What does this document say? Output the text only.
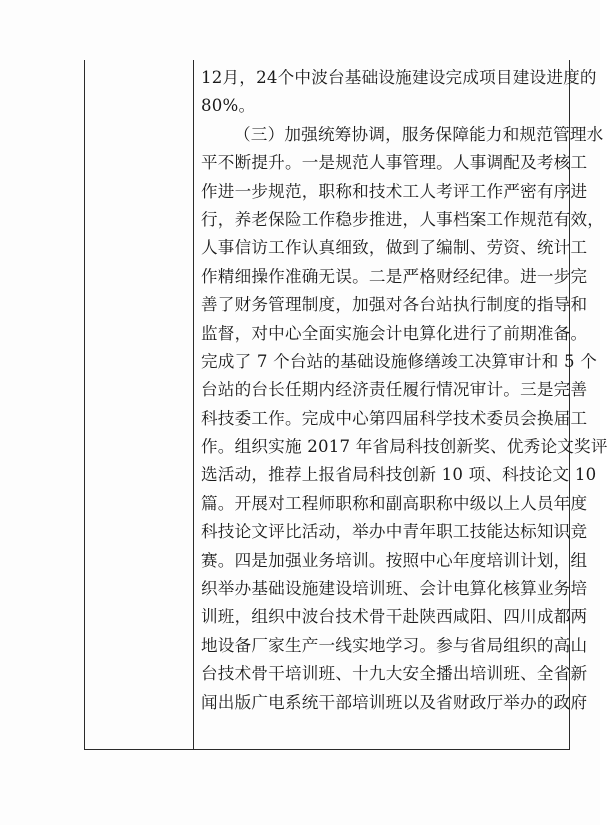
12月，24个中波台基础设施建设完成项目建设进度的
80%。
（三）加强统筹协调，服务保障能力和规范管理水
平不断提升。一是规范人事管理。人事调配及考核工
作进一步规范，职称和技术工人考评工作严密有序进
行，养老保险工作稳步推进，人事档案工作规范有效，
人事信访工作认真细致，做到了编制、劳资、统计工
作精细操作准确无误。二是严格财经纪律。进一步完
善了财务管理制度，加强对各台站执行制度的指导和
监督，对中心全面实施会计电算化进行了前期准备。
完成了 7 个台站的基础设施修缮竣工决算审计和 5 个
台站的台长任期内经济责任履行情况审计。三是完善
科技委工作。完成中心第四届科学技术委员会换届工
作。组织实施 2017 年省局科技创新奖、优秀论文奖评
选活动，推荐上报省局科技创新 10 项、科技论文 10
篇。开展对工程师职称和副高职称中级以上人员年度
科技论文评比活动，举办中青年职工技能达标知识竞
赛。四是加强业务培训。按照中心年度培训计划，组
织举办基础设施建设培训班、会计电算化核算业务培
训班，组织中波台技术骨干赴陕西咸阳、四川成都两
地设备厂家生产一线实地学习。参与省局组织的高山
台技术骨干培训班、十九大安全播出培训班、全省新
闻出版广电系统干部培训班以及省财政厅举办的政府
